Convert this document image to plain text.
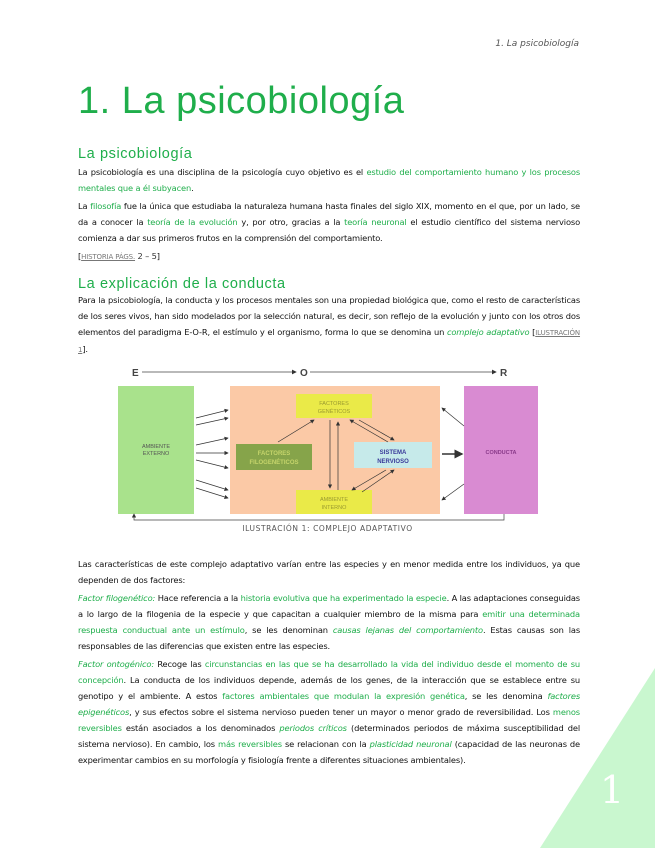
1. La psicobiología
1. La psicobiología
La psicobiología
La psicobiología es una disciplina de la psicología cuyo objetivo es el estudio del comportamiento humano y los procesos mentales que a él subyacen.
La filosofía fue la única que estudiaba la naturaleza humana hasta finales del siglo XIX, momento en el que, por un lado, se da a conocer la teoría de la evolución y, por otro, gracias a la teoría neuronal el estudio científico del sistema nervioso comienza a dar sus primeros frutos en la comprensión del comportamiento.
[HISTORIA PÁGS. 2 – 5]
La explicación de la conducta
Para la psicobiología, la conducta y los procesos mentales son una propiedad biológica que, como el resto de características de los seres vivos, han sido modelados por la selección natural, es decir, son reflejo de la evolución y junto con los otros dos elementos del paradigma E-O-R, el estímulo y el organismo, forma lo que se denomina un complejo adaptativo [ILUSTRACIÓN 1].
E	O	R
AMBIENTE EXTERNO
FACTORES GENÉTICOS
FACTORES FILOGENÉTICOS
SISTEMA NERVIOSO
AMBIENTE INTERNO
CONDUCTA
ILUSTRACIÓN 1: COMPLEJO ADAPTATIVO
Las características de este complejo adaptativo varían entre las especies y en menor medida entre los individuos, ya que dependen de dos factores:
Factor filogenético: Hace referencia a la historia evolutiva que ha experimentado la especie. A las adaptaciones conseguidas a lo largo de la filogenia de la especie y que capacitan a cualquier miembro de la misma para emitir una determinada respuesta conductual ante un estímulo, se les denominan causas lejanas del comportamiento. Estas causas son las responsables de las diferencias que existen entre las especies.
Factor ontogénico: Recoge las circunstancias en las que se ha desarrollado la vida del individuo desde el momento de su concepción. La conducta de los individuos depende, además de los genes, de la interacción que se establece entre su genotipo y el ambiente. A estos factores ambientales que modulan la expresión genética, se les denomina factores epigenéticos, y sus efectos sobre el sistema nervioso pueden tener un mayor o menor grado de reversibilidad. Los menos reversibles están asociados a los denominados periodos críticos (determinados periodos de máxima susceptibilidad del sistema nervioso). En cambio, los más reversibles se relacionan con la plasticidad neuronal (capacidad de las neuronas de experimentar cambios en su morfología y fisiología frente a diferentes situaciones ambientales).
1
